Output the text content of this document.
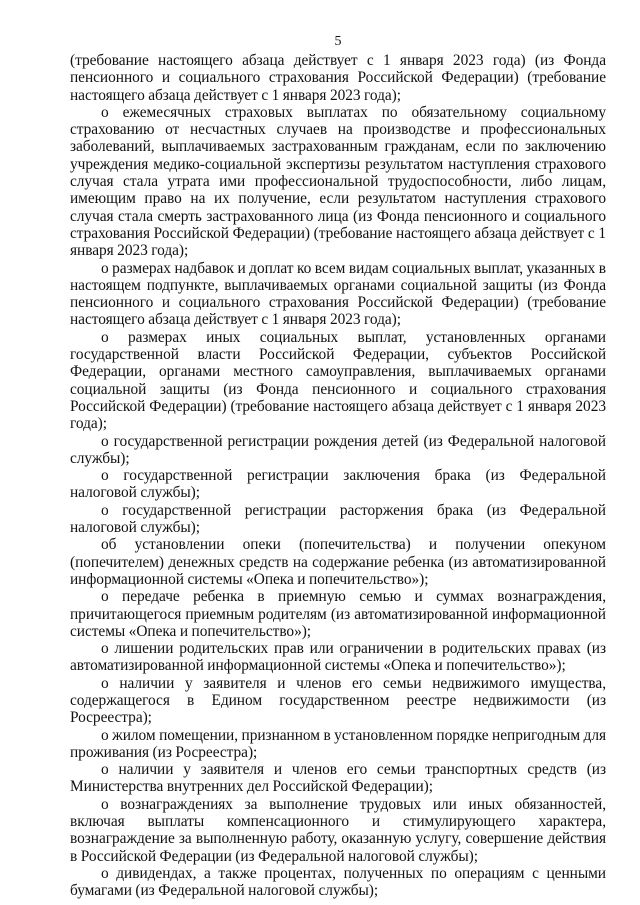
5

(требование настоящего абзаца действует с 1 января 2023 года) (из Фонда пенсионного и социального страхования Российской Федерации) (требование настоящего абзаца действует с 1 января 2023 года);

о ежемесячных страховых выплатах по обязательному социальному страхованию от несчастных случаев на производстве и профессиональных заболеваний, выплачиваемых застрахованным гражданам, если по заключению учреждения медико-социальной экспертизы результатом наступления страхового случая стала утрата ими профессиональной трудоспособности, либо лицам, имеющим право на их получение, если результатом наступления страхового случая стала смерть застрахованного лица (из Фонда пенсионного и социального страхования Российской Федерации) (требование настоящего абзаца действует с 1 января 2023 года);

о размерах надбавок и доплат ко всем видам социальных выплат, указанных в настоящем подпункте, выплачиваемых органами социальной защиты (из Фонда пенсионного и социального страхования Российской Федерации) (требование настоящего абзаца действует с 1 января 2023 года);

о размерах иных социальных выплат, установленных органами государственной власти Российской Федерации, субъектов Российской Федерации, органами местного самоуправления, выплачиваемых органами социальной защиты (из Фонда пенсионного и социального страхования Российской Федерации) (требование настоящего абзаца действует с 1 января 2023 года);

о государственной регистрации рождения детей (из Федеральной налоговой службы);

о государственной регистрации заключения брака (из Федеральной налоговой службы);

о государственной регистрации расторжения брака (из Федеральной налоговой службы);

об установлении опеки (попечительства) и получении опекуном (попечителем) денежных средств на содержание ребенка (из автоматизированной информационной системы «Опека и попечительство»);

о передаче ребенка в приемную семью и суммах вознаграждения, причитающегося приемным родителям (из автоматизированной информационной системы «Опека и попечительство»);

о лишении родительских прав или ограничении в родительских правах (из автоматизированной информационной системы «Опека и попечительство»);

о наличии у заявителя и членов его семьи недвижимого имущества, содержащегося в Едином государственном реестре недвижимости (из Росреестра);

о жилом помещении, признанном в установленном порядке непригодным для проживания (из Росреестра);

о наличии у заявителя и членов его семьи транспортных средств (из Министерства внутренних дел Российской Федерации);

о вознаграждениях за выполнение трудовых или иных обязанностей, включая выплаты компенсационного и стимулирующего характера, вознаграждение за выполненную работу, оказанную услугу, совершение действия в Российской Федерации (из Федеральной налоговой службы);

о дивидендах, а также процентах, полученных по операциям с ценными бумагами (из Федеральной налоговой службы);
